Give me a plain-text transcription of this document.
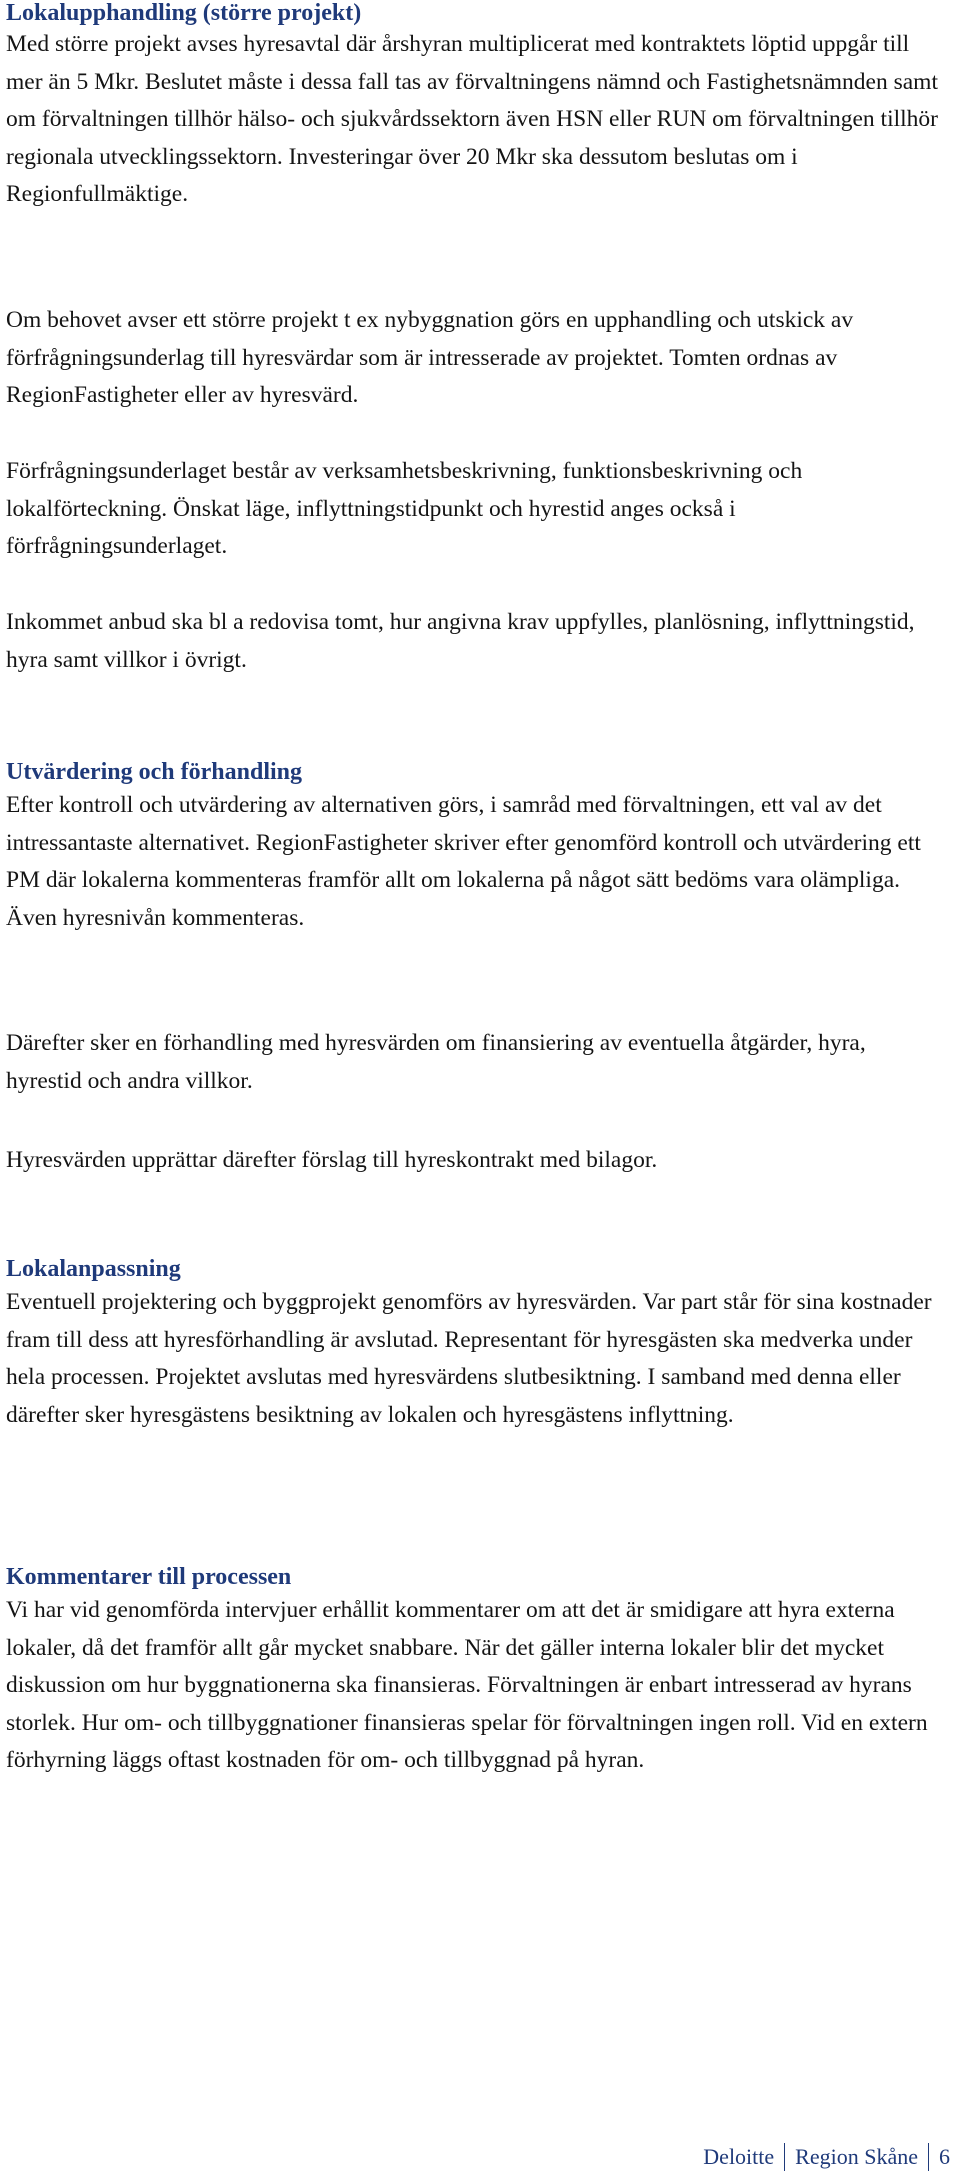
Lokalupphandling (större projekt)

Med större projekt avses hyresavtal där årshyran multiplicerat med kontraktets löptid uppgår till mer än 5 Mkr. Beslutet måste i dessa fall tas av förvaltningens nämnd och Fastighetsnämnden samt om förvaltningen tillhör hälso- och sjukvårdssektorn även HSN eller RUN om förvaltningen tillhör regionala utvecklingssektorn. Investeringar över 20 Mkr ska dessutom beslutas om i Regionfullmäktige.

Om behovet avser ett större projekt t ex nybyggnation görs en upphandling och utskick av förfrågningsunderlag till hyresvärdar som är intresserade av projektet. Tomten ordnas av RegionFastigheter eller av hyresvärd.

Förfrågningsunderlaget består av verksamhetsbeskrivning, funktionsbeskrivning och lokalförteckning. Önskat läge, inflyttningstidpunkt och hyrestid anges också i förfrågningsunderlaget.

Inkommet anbud ska bl a redovisa tomt, hur angivna krav uppfylles, planlösning, inflyttningstid, hyra samt villkor i övrigt.

Utvärdering och förhandling

Efter kontroll och utvärdering av alternativen görs, i samråd med förvaltningen, ett val av det intressantaste alternativet. RegionFastigheter skriver efter genomförd kontroll och utvärdering ett PM där lokalerna kommenteras framför allt om lokalerna på något sätt bedöms vara olämpliga. Även hyresnivån kommenteras.

Därefter sker en förhandling med hyresvärden om finansiering av eventuella åtgärder, hyra, hyrestid och andra villkor.

Hyresvärden upprättar därefter förslag till hyreskontrakt med bilagor.

Lokalanpassning

Eventuell projektering och byggprojekt genomförs av hyresvärden. Var part står för sina kostnader fram till dess att hyresförhandling är avslutad. Representant för hyresgästen ska medverka under hela processen. Projektet avslutas med hyresvärdens slutbesiktning. I samband med denna eller därefter sker hyresgästens besiktning av lokalen och hyresgästens inflyttning.

Kommentarer till processen

Vi har vid genomförda intervjuer erhållit kommentarer om att det är smidigare att hyra externa lokaler, då det framför allt går mycket snabbare. När det gäller interna lokaler blir det mycket diskussion om hur byggnationerna ska finansieras. Förvaltningen är enbart intresserad av hyrans storlek. Hur om- och tillbyggnationer finansieras spelar för förvaltningen ingen roll. Vid en extern förhyrning läggs oftast kostnaden för om- och tillbyggnad på hyran.

Deloitte Region Skåne 6
